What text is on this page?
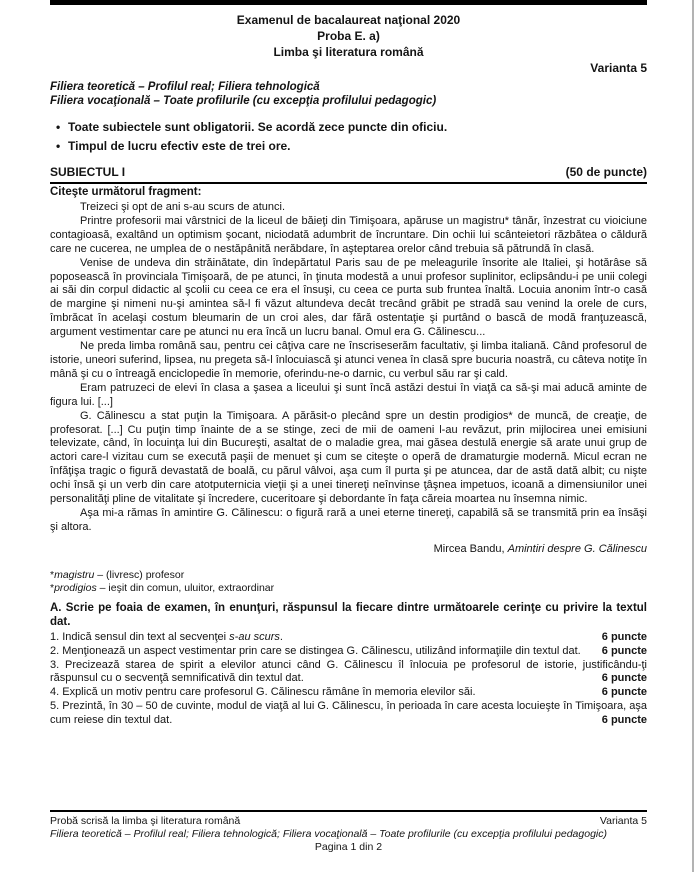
Examenul de bacalaureat naţional 2020
Proba E. a)
Limba şi literatura română
Varianta 5
Filiera teoretică – Profilul real; Filiera tehnologică
Filiera vocaţională – Toate profilurile (cu excepţia profilului pedagogic)
• Toate subiectele sunt obligatorii. Se acordă zece puncte din oficiu.
• Timpul de lucru efectiv este de trei ore.
SUBIECTUL I	(50 de puncte)
Citeşte următorul fragment:

Treizeci şi opt de ani s-au scurs de atunci.

Printre profesorii mai vârstnici de la liceul de băieţi din Timişoara, apăruse un magistru* tânăr, înzestrat cu vioiciune contagioasă, exaltând un optimism şocant, niciodată adumbrit de încruntare. Din ochii lui scânteietori răzbătea o căldură care ne cucerea, ne umplea de o nestăpânită nerăbdare, în aşteptarea orelor când trebuia să pătrundă în clasă.

Venise de undeva din străinătate, din îndepărtatul Paris sau de pe meleagurile însorite ale Italiei, şi hotărâse să poposească în provinciala Timişoară, de pe atunci, în ţinuta modestă a unui profesor suplinitor, eclipsându-i pe unii colegi ai săi din corpul didactic al şcolii cu ceea ce era el însuşi, cu ceea ce purta sub fruntea înaltă. Locuia anonim într-o casă de margine şi nimeni nu-şi amintea să-l fi văzut altundeva decât trecând grăbit pe stradă sau venind la orele de curs, îmbrăcat în acelaşi costum bleumarin de un croi ales, dar fără ostentaţie şi purtând o bască de modă franţuzească, argument vestimentar care pe atunci nu era încă un lucru banal. Omul era G. Călinescu...

Ne preda limba română sau, pentru cei câţiva care ne înscriseserăm facultativ, şi limba italiană. Când profesorul de istorie, uneori suferind, lipsea, nu pregeta să-l înlocuiască şi atunci venea în clasă spre bucuria noastră, cu câteva notiţe în mână şi cu o întreagă enciclopedie în memorie, oferindu-ne-o darnic, cu verbul său rar şi cald.

Eram patruzeci de elevi în clasa a şasea a liceului şi sunt încă astăzi destui în viaţă ca să-şi mai aducă aminte de figura lui. [...]

G. Călinescu a stat puţin la Timişoara. A părăsit-o plecând spre un destin prodigios* de muncă, de creaţie, de profesorat. [...] Cu puţin timp înainte de a se stinge, zeci de mii de oameni l-au revăzut, prin mijlocirea unei emisiuni televizate, când, în locuinţa lui din Bucureşti, asaltat de o maladie grea, mai găsea destulă energie să arate unui grup de actori care-l vizitau cum se execută paşii de menuet şi cum se citeşte o operă de dramaturgie modernă. Micul ecran ne înfăţişa tragic o figură devastată de boală, cu părul vâlvoi, aşa cum îl purta şi pe atuncea, dar de astă dată albit; cu nişte ochi însă şi un verb din care atotputernicia vieţii şi a unei tinereţi neînvinse ţâşnea impetuos, icoană a dimensiunilor unei personalităţi pline de vitalitate şi încredere, cuceritoare şi debordante în faţa căreia moartea nu însemna nimic.

Aşa mi-a rămas în amintire G. Călinescu: o figură rară a unei eterne tinereţi, capabilă să se transmită prin ea însăşi şi altora.

Mircea Bandu, Amintiri despre G. Călinescu
*magistru – (livresc) profesor
*prodigios – ieşit din comun, uluitor, extraordinar
A. Scrie pe foaia de examen, în enunţuri, răspunsul la fiecare dintre următoarele cerinţe cu privire la textul dat.
1. Indică sensul din text al secvenţei s-au scurs.	6 puncte
2. Menţionează un aspect vestimentar prin care se distingea G. Călinescu, utilizând informaţiile din textul dat.	6 puncte
3. Precizează starea de spirit a elevilor atunci când G. Călinescu îl înlocuia pe profesorul de istorie, justificându-ţi răspunsul cu o secvenţă semnificativă din textul dat.	6 puncte
4. Explică un motiv pentru care profesorul G. Călinescu rămâne în memoria elevilor săi.	6 puncte
5. Prezintă, în 30 – 50 de cuvinte, modul de viaţă al lui G. Călinescu, în perioada în care acesta locuieşte în Timişoara, aşa cum reiese din textul dat.	6 puncte
Probă scrisă la limba şi literatura română	Varianta 5
Filiera teoretică – Profilul real; Filiera tehnologică; Filiera vocaţională – Toate profilurile (cu excepţia profilului pedagogic)
Pagina 1 din 2
